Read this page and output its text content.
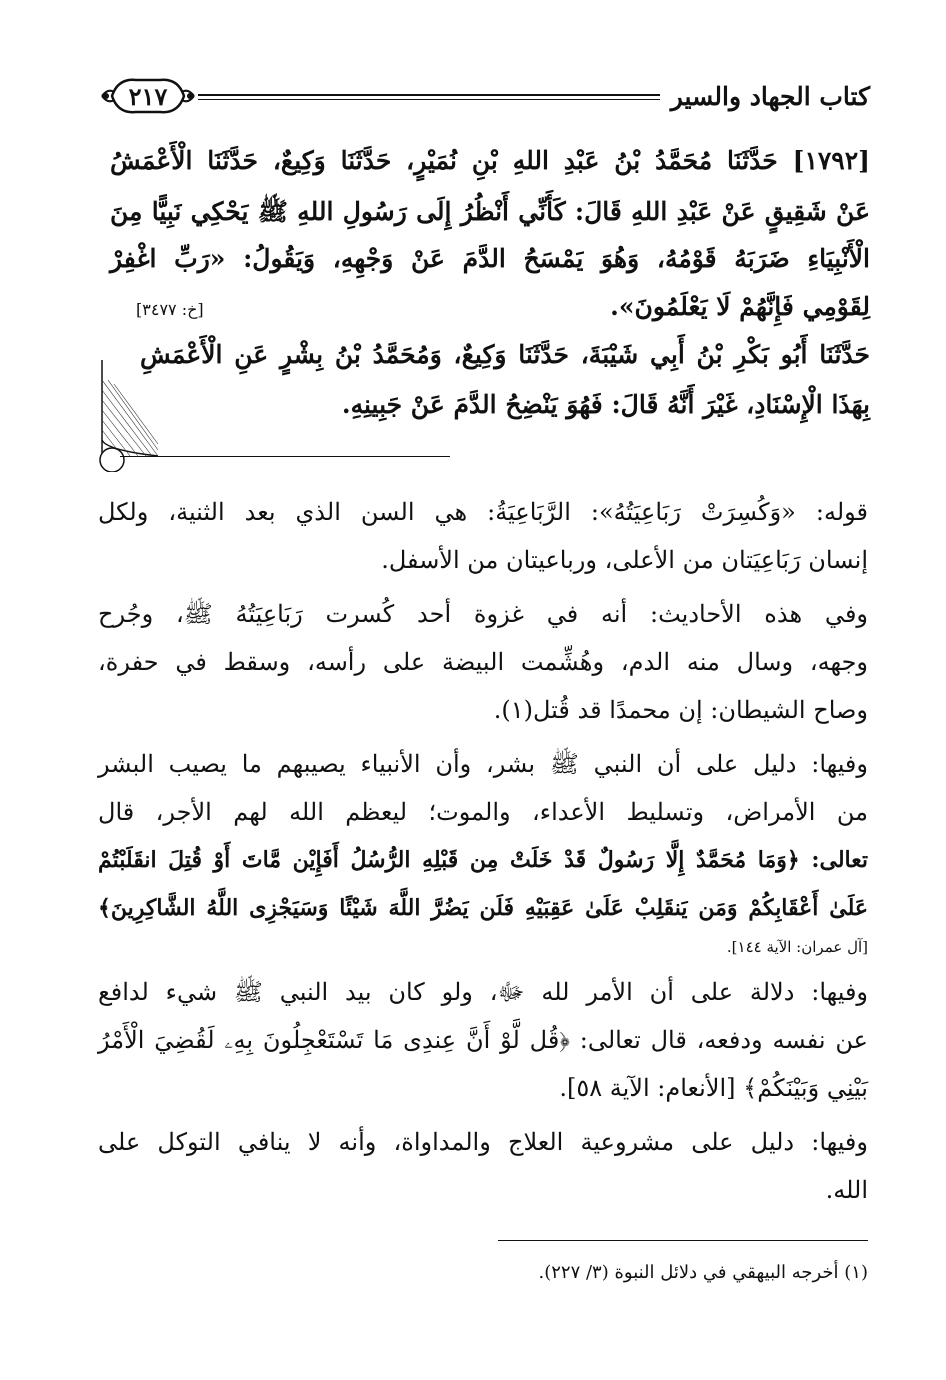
كتاب الجهاد والسير
٢١٧
[١٧٩٢] حَدَّثَنَا مُحَمَّدُ بْنُ عَبْدِ اللهِ بْنِ نُمَيْرٍ، حَدَّثَنَا وَكِيعٌ، حَدَّثَنَا الْأَعْمَشُ
عَنْ شَقِيقٍ عَنْ عَبْدِ اللهِ قَالَ: كَأَنِّي أَنْظُرُ إِلَى رَسُولِ اللهِ ﷺ يَحْكِي نَبِيًّا مِنَ
الْأَنْبِيَاءِ ضَرَبَهُ قَوْمُهُ، وَهُوَ يَمْسَحُ الدَّمَ عَنْ وَجْهِهِ، وَيَقُولُ: «رَبِّ اغْفِرْ
لِقَوْمِي فَإِنَّهُمْ لَا يَعْلَمُونَ».
[خ: ٣٤٧٧]
حَدَّثَنَا أَبُو بَكْرِ بْنُ أَبِي شَيْبَةَ، حَدَّثَنَا وَكِيعٌ، وَمُحَمَّدُ بْنُ بِشْرٍ عَنِ الْأَعْمَشِ
بِهَذَا الْإِسْنَادِ، غَيْرَ أَنَّهُ قَالَ: فَهُوَ يَنْضِحُ الدَّمَ عَنْ جَبِينِهِ.
قوله: «وَكُسِرَتْ رَبَاعِيَتُهُ»: الرَّبَاعِيَةُ: هي السن الذي بعد الثنية، ولكل
إنسان رَبَاعِيَتان من الأعلى، ورباعيتان من الأسفل.
وفي هذه الأحاديث: أنه في غزوة أحد كُسرت رَبَاعِيَتُهُ ﷺ، وجُرح
وجهه، وسال منه الدم، وهُشِّمت البيضة على رأسه، وسقط في حفرة،
وصاح الشيطان: إن محمدًا قد قُتل(١).
وفيها: دليل على أن النبي ﷺ بشر، وأن الأنبياء يصيبهم ما يصيب البشر
من الأمراض، وتسليط الأعداء، والموت؛ ليعظم الله لهم الأجر، قال
تعالى: ﴿وَمَا مُحَمَّدٌ إِلَّا رَسُولٌ قَدْ خَلَتْ مِن قَبْلِهِ الرُّسُلُ أَفَإِيْن مَّاتَ أَوْ قُتِلَ انقَلَبْتُمْ
عَلَىٰ أَعْقَابِكُمْ وَمَن يَنقَلِبْ عَلَىٰ عَقِبَيْهِ فَلَن يَضُرَّ اللَّهَ شَيْئًا وَسَيَجْزِى اللَّهُ الشَّاكِرِينَ﴾
[آل عمران: الآية ١٤٤].
وفيها: دلالة على أن الأمر لله ﷻ، ولو كان بيد النبي ﷺ شيء لدافع
عن نفسه ودفعه، قال تعالى: ﴿قُل لَّوْ أَنَّ عِندِى مَا تَسْتَعْجِلُونَ بِهِۦ لَقُضِيَ الْأَمْرُ
بَيْنِي وَبَيْنَكُمْ﴾ [الأنعام: الآية ٥٨].
وفيها: دليل على مشروعية العلاج والمداواة، وأنه لا ينافي التوكل على
الله.
(١) أخرجه البيهقي في دلائل النبوة (٣/ ٢٢٧).
